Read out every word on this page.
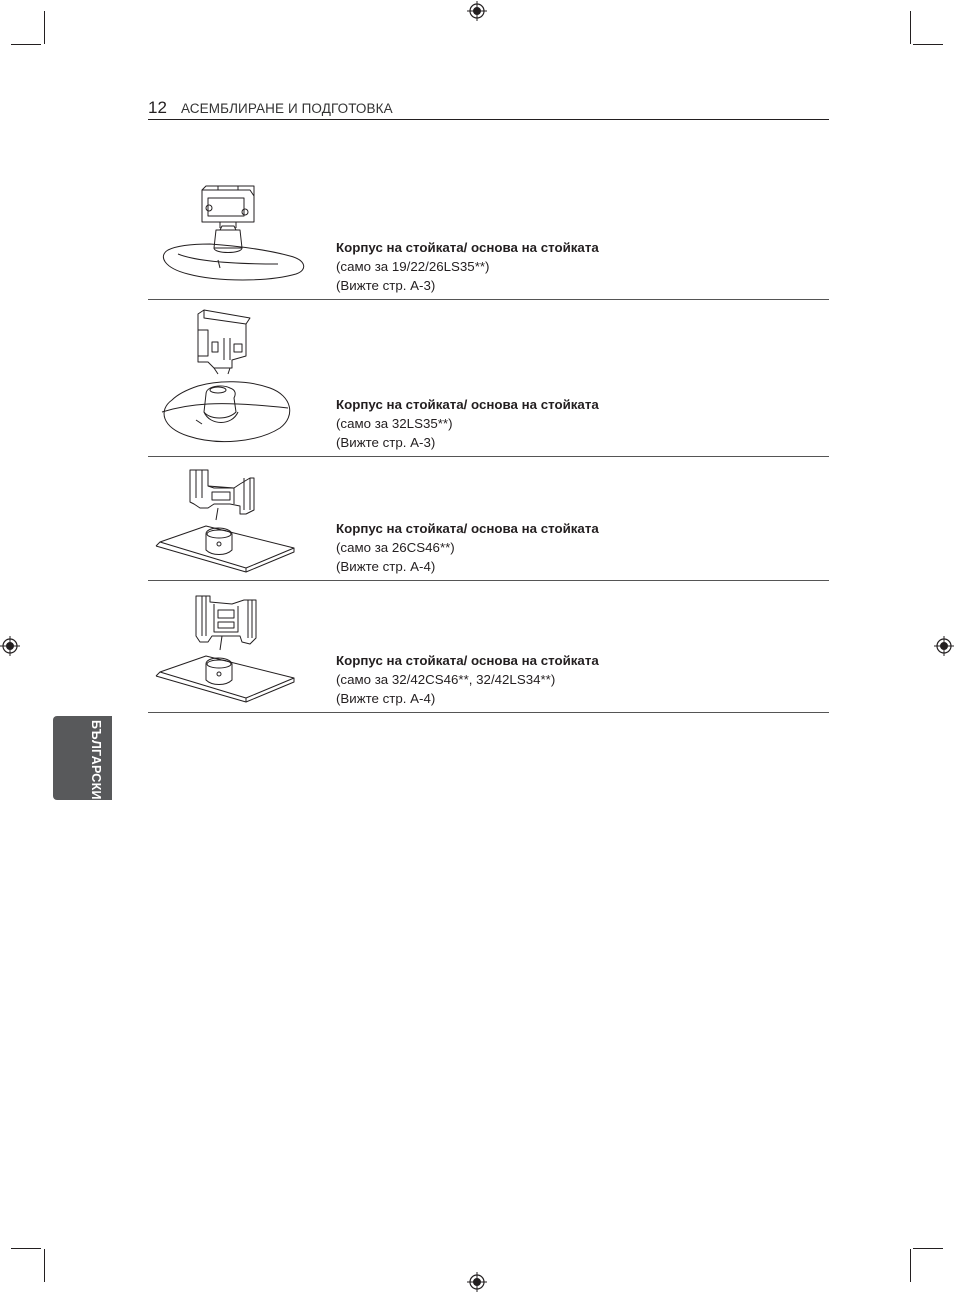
12 АСЕМБЛИРАНЕ И ПОДГОТОВКА
БЪЛГАРСКИ
Корпус на стойката/ основа на стойката
(само за 19/22/26LS35**)
(Вижте стр. A-3)
Корпус на стойката/ основа на стойката
(само за 32LS35**)
(Вижте стр. A-3)
Корпус на стойката/ основа на стойката
(само за 26CS46**)
(Вижте стр. A-4)
Корпус на стойката/ основа на стойката
(само за 32/42CS46**, 32/42LS34**)
(Вижте стр. A-4)
